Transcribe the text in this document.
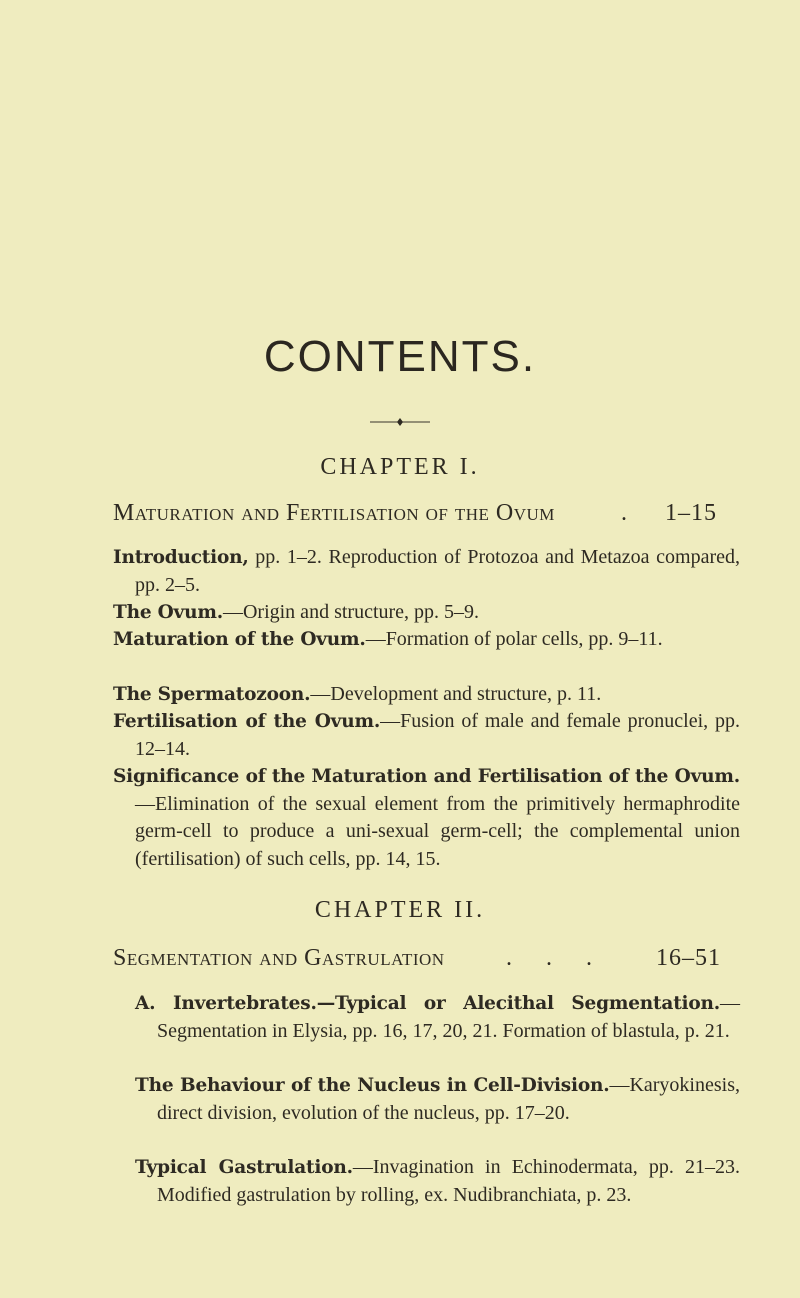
CONTENTS.
CHAPTER I.
Maturation and Fertilisation of the Ovum	. 1–15
Introduction, pp. 1–2. Reproduction of Protozoa and Metazoa compared, pp. 2–5.
The Ovum.—Origin and structure, pp. 5–9.
Maturation of the Ovum.—Formation of polar cells, pp. 9–11.
The Spermatozoon.—Development and structure, p. 11.
Fertilisation of the Ovum.—Fusion of male and female pronuclei, pp. 12–14.
Significance of the Maturation and Fertilisation of the Ovum.—Elimination of the sexual element from the primitively hermaphrodite germ-cell to produce a uni-sexual germ-cell; the complemental union (fertilisation) of such cells, pp. 14, 15.
CHAPTER II.
Segmentation and Gastrulation	. . . 16–51
A. Invertebrates.—Typical or Alecithal Segmentation.—Segmentation in Elysia, pp. 16, 17, 20, 21. Formation of blastula, p. 21.
The Behaviour of the Nucleus in Cell-Division.—Karyokinesis, direct division, evolution of the nucleus, pp. 17–20.
Typical Gastrulation.—Invagination in Echinodermata, pp. 21–23. Modified gastrulation by rolling, ex. Nudibranchiata, p. 23.
